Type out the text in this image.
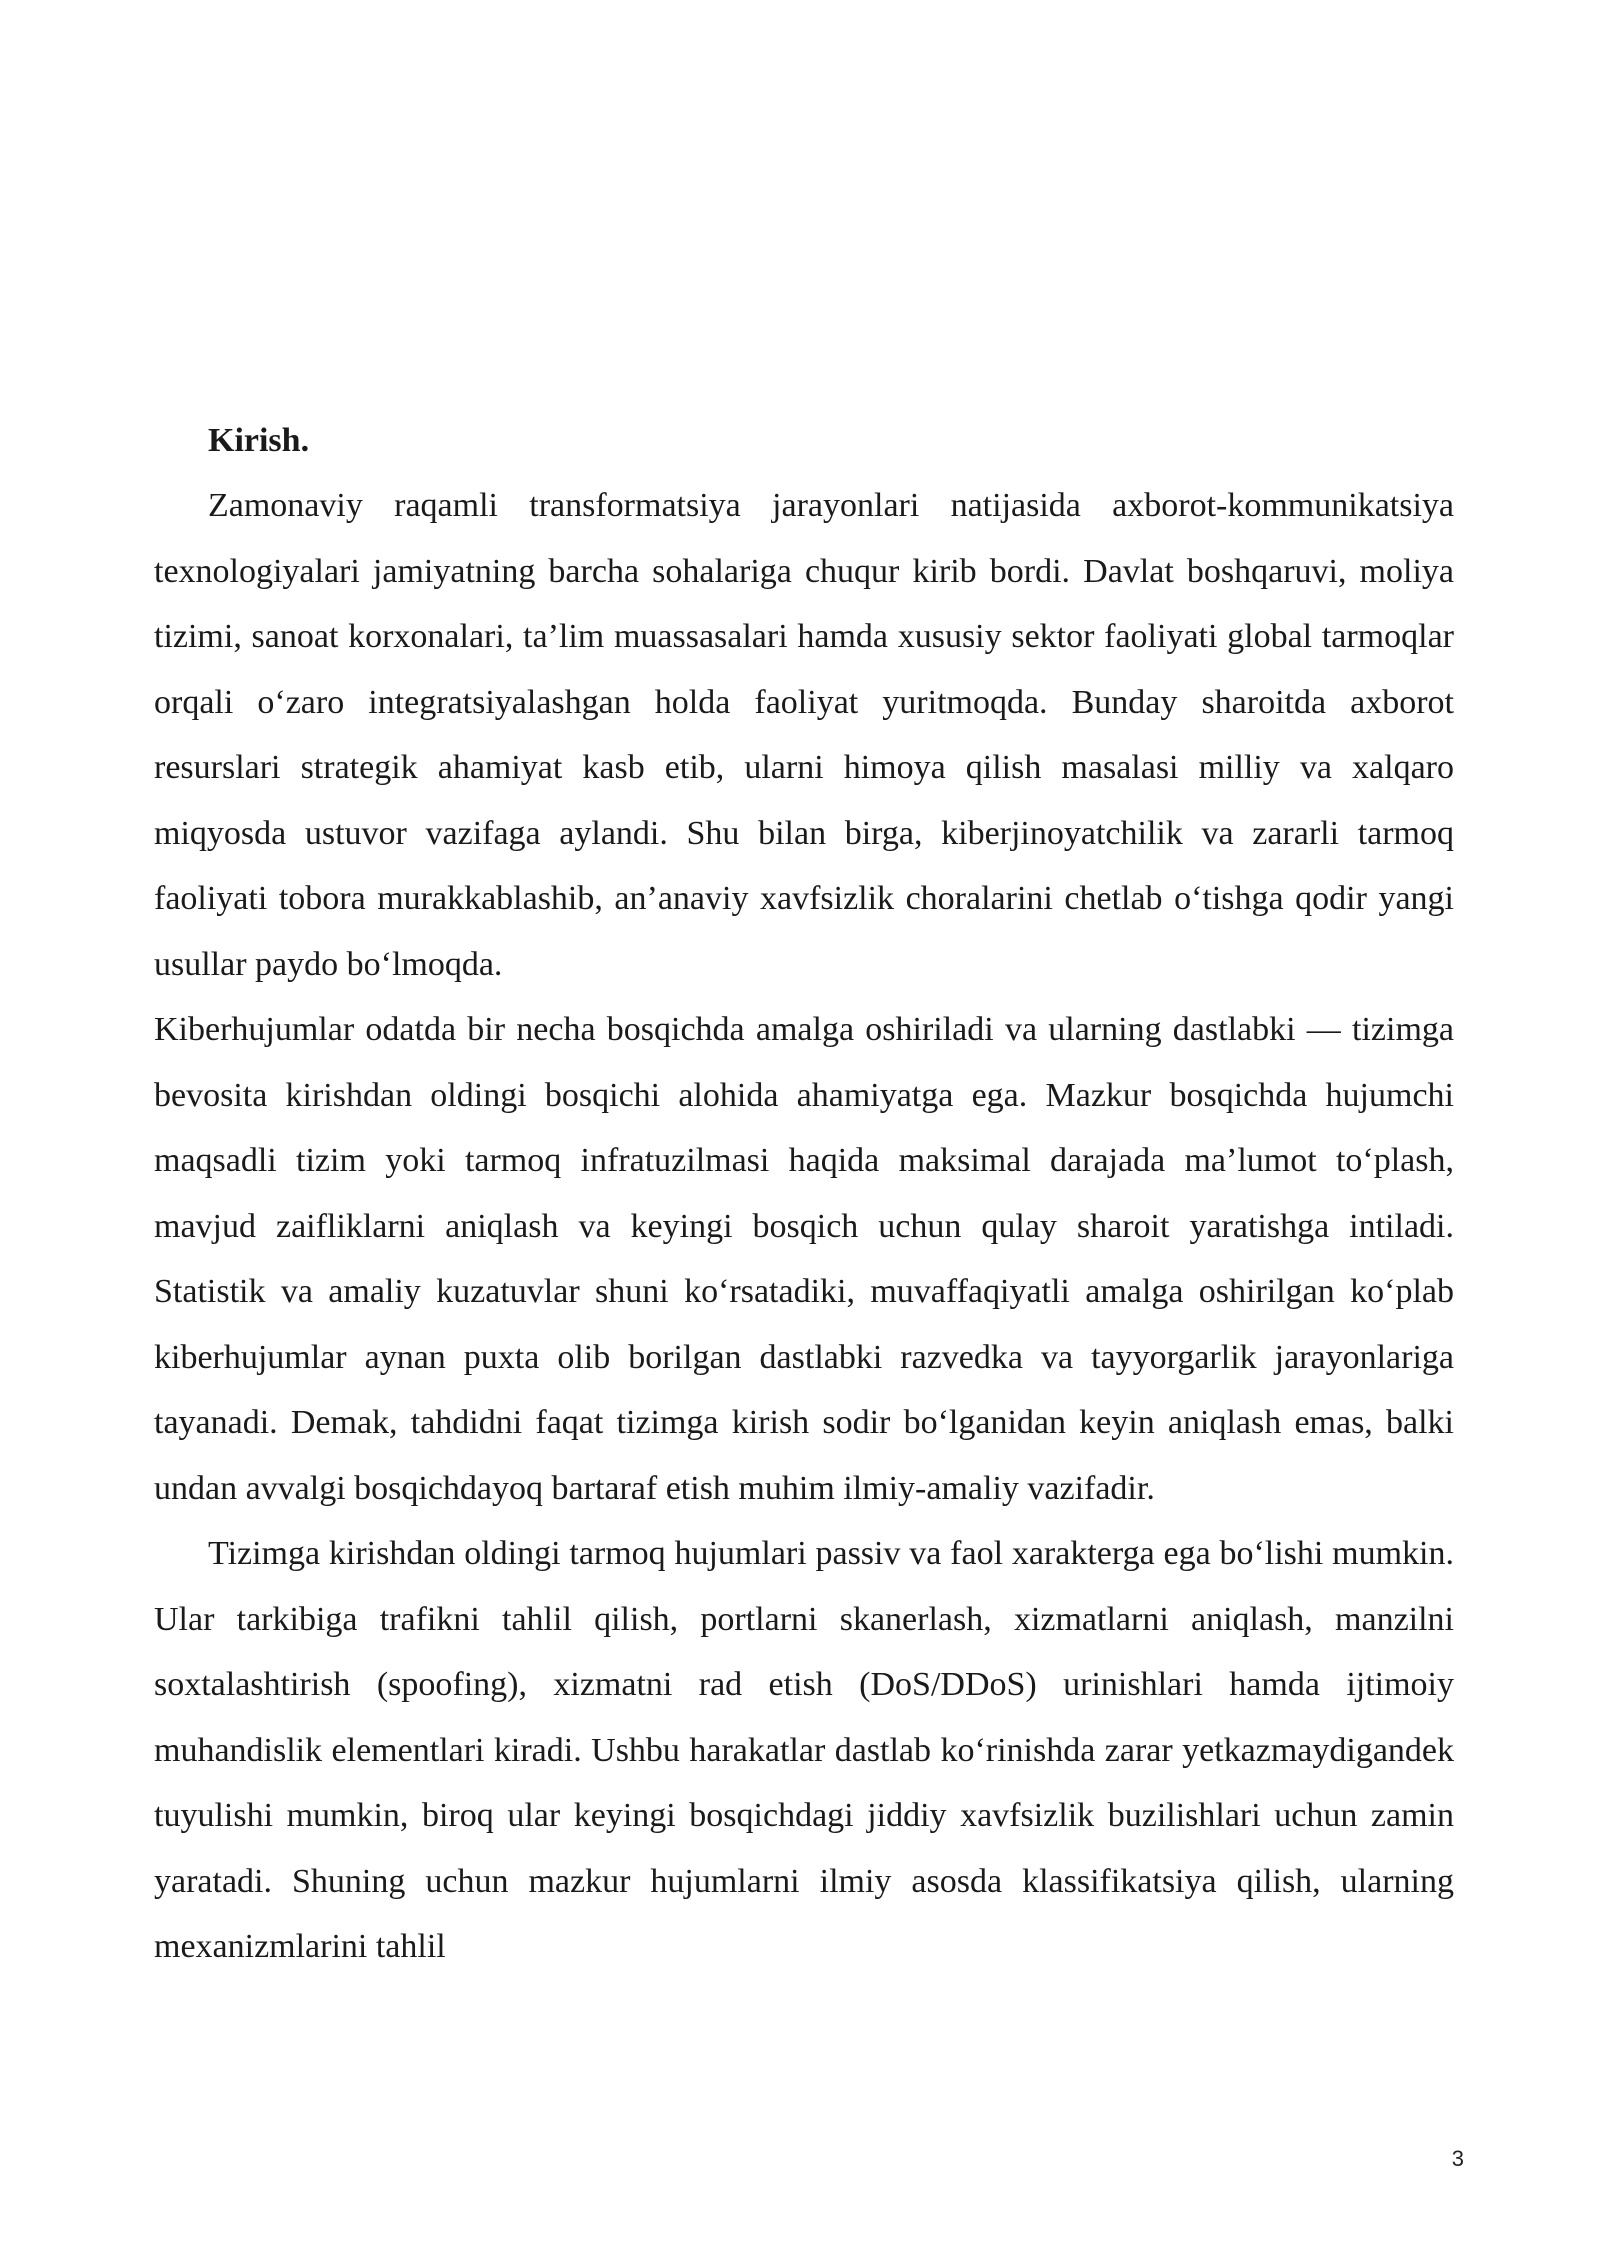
Kirish.

Zamonaviy raqamli transformatsiya jarayonlari natijasida axborot-kommunikatsiya texnologiyalari jamiyatning barcha sohalariga chuqur kirib bordi. Davlat boshqaruvi, moliya tizimi, sanoat korxonalari, ta’lim muassasalari hamda xususiy sektor faoliyati global tarmoqlar orqali o‘zaro integratsiyalashgan holda faoliyat yuritmoqda. Bunday sharoitda axborot resurslari strategik ahamiyat kasb etib, ularni himoya qilish masalasi milliy va xalqaro miqyosda ustuvor vazifaga aylandi. Shu bilan birga, kiberjinoyatchilik va zararli tarmoq faoliyati tobora murakkablashib, an’anaviy xavfsizlik choralarini chetlab o‘tishga qodir yangi usullar paydo bo‘lmoqda.

Kiberhujumlar odatda bir necha bosqichda amalga oshiriladi va ularning dastlabki — tizimga bevosita kirishdan oldingi bosqichi alohida ahamiyatga ega. Mazkur bosqichda hujumchi maqsadli tizim yoki tarmoq infratuzilmasi haqida maksimal darajada ma’lumot to‘plash, mavjud zaifliklarni aniqlash va keyingi bosqich uchun qulay sharoit yaratishga intiladi. Statistik va amaliy kuzatuvlar shuni ko‘rsatadiki, muvaffaqiyatli amalga oshirilgan ko‘plab kiberhujumlar aynan puxta olib borilgan dastlabki razvedka va tayyorgarlik jarayonlariga tayanadi. Demak, tahdidni faqat tizimga kirish sodir bo‘lganidan keyin aniqlash emas, balki undan avvalgi bosqichdayoq bartaraf etish muhim ilmiy-amaliy vazifadir.

Tizimga kirishdan oldingi tarmoq hujumlari passiv va faol xarakterga ega bo‘lishi mumkin. Ular tarkibiga trafikni tahlil qilish, portlarni skanerlash, xizmatlarni aniqlash, manzilni soxtalashtirish (spoofing), xizmatni rad etish (DoS/DDoS) urinishlari hamda ijtimoiy muhandislik elementlari kiradi. Ushbu harakatlar dastlab ko‘rinishda zarar yetkazmaydigandek tuyulishi mumkin, biroq ular keyingi bosqichdagi jiddiy xavfsizlik buzilishlari uchun zamin yaratadi. Shuning uchun mazkur hujumlarni ilmiy asosda klassifikatsiya qilish, ularning mexanizmlarini tahlil

3
